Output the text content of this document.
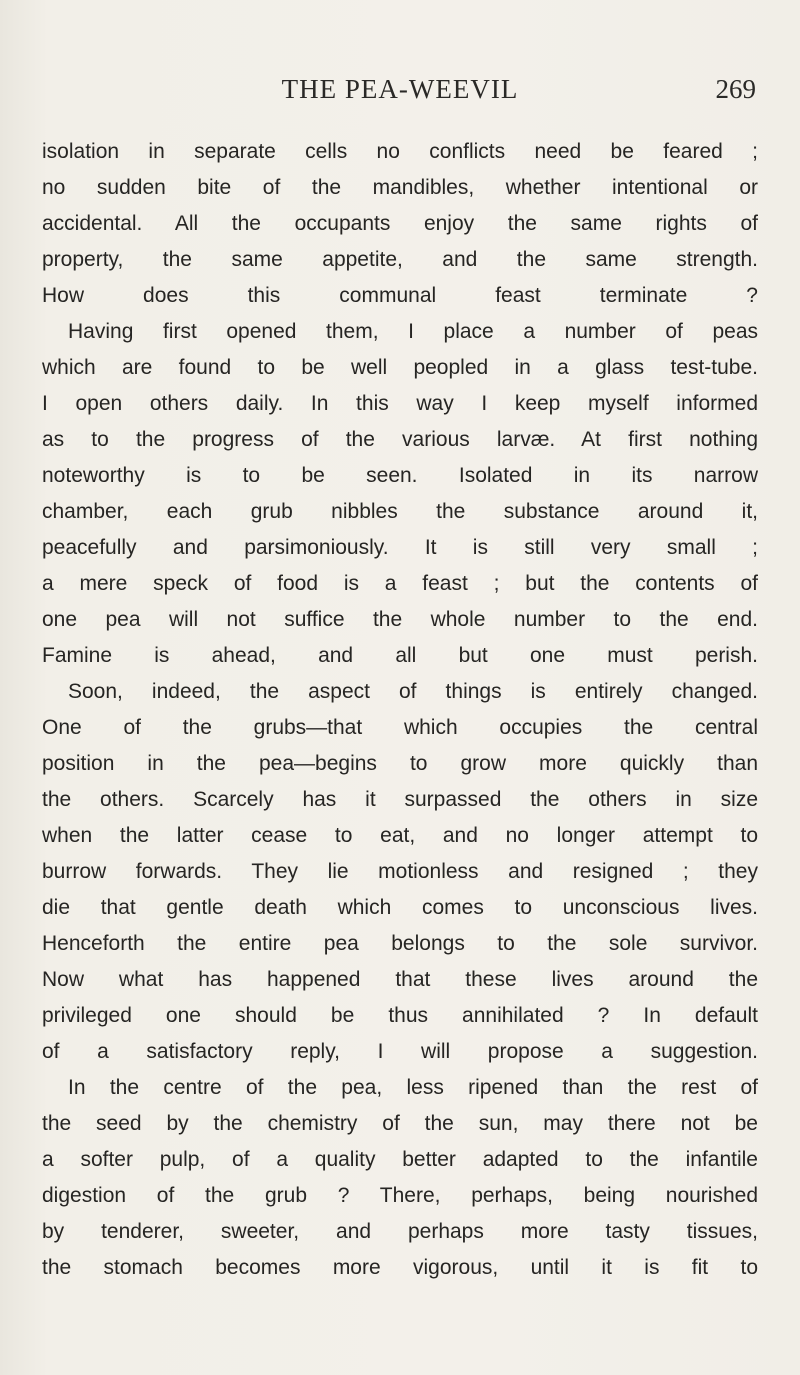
THE PEA-WEEVIL	269
isolation in separate cells no conflicts need be feared ;
no sudden bite of the mandibles, whether intentional or
accidental. All the occupants enjoy the same rights of
property, the same appetite, and the same strength.
How does this communal feast terminate ?
Having first opened them, I place a number of peas
which are found to be well peopled in a glass test-tube.
I open others daily. In this way I keep myself informed
as to the progress of the various larvæ. At first nothing
noteworthy is to be seen. Isolated in its narrow
chamber, each grub nibbles the substance around it,
peacefully and parsimoniously. It is still very small ;
a mere speck of food is a feast ; but the contents of
one pea will not suffice the whole number to the end.
Famine is ahead, and all but one must perish.
Soon, indeed, the aspect of things is entirely changed.
One of the grubs—that which occupies the central
position in the pea—begins to grow more quickly than
the others. Scarcely has it surpassed the others in size
when the latter cease to eat, and no longer attempt to
burrow forwards. They lie motionless and resigned ; they
die that gentle death which comes to unconscious lives.
Henceforth the entire pea belongs to the sole survivor.
Now what has happened that these lives around the
privileged one should be thus annihilated ? In default
of a satisfactory reply, I will propose a suggestion.
In the centre of the pea, less ripened than the rest of
the seed by the chemistry of the sun, may there not be
a softer pulp, of a quality better adapted to the infantile
digestion of the grub ? There, perhaps, being nourished
by tenderer, sweeter, and perhaps more tasty tissues,
the stomach becomes more vigorous, until it is fit to
